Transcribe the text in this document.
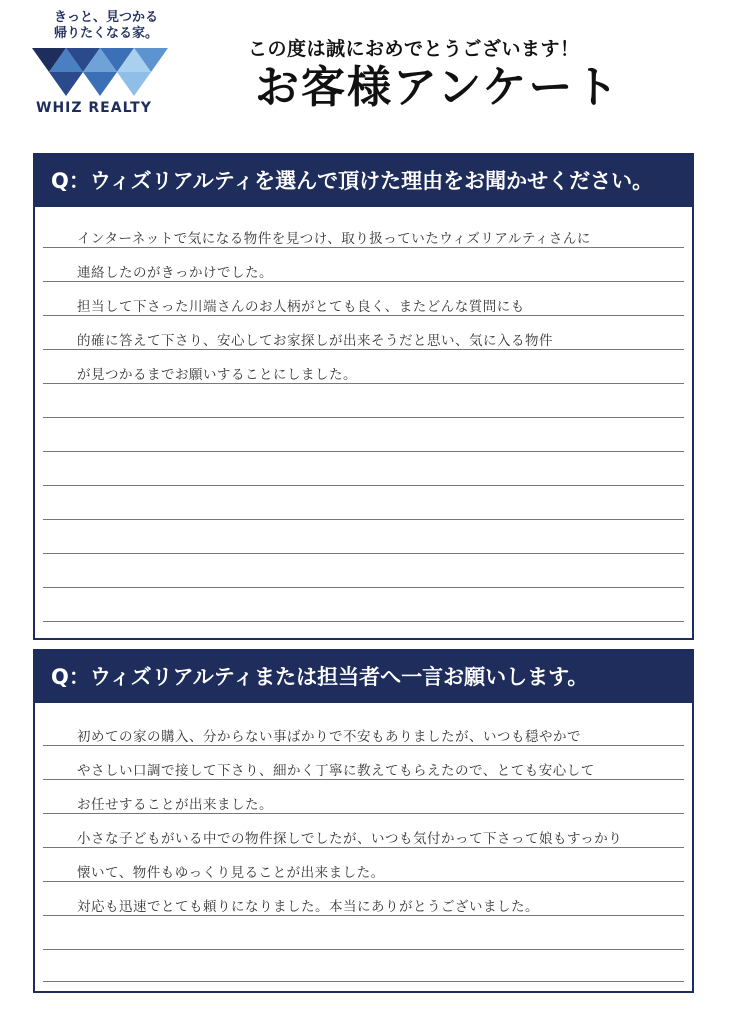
きっと、見つかる
帰りたくなる家。
WHIZ REALTY
この度は誠におめでとうございます！
お客様アンケート
Q：ウィズリアルティを選んで頂けた理由をお聞かせください。
インターネットで気になる物件を見つけ、取り扱っていたウィズリアルティさんに
連絡したのがきっかけでした。
担当して下さった川端さんのお人柄がとても良く、またどんな質問にも
的確に答えて下さり、安心してお家探しが出来そうだと思い、気に入る物件
が見つかるまでお願いすることにしました。
Q：ウィズリアルティまたは担当者へ一言お願いします。
初めての家の購入、分からない事ばかりで不安もありましたが、いつも穏やかで
やさしい口調で接して下さり、細かく丁寧に教えてもらえたので、とても安心して
お任せすることが出来ました。
小さな子どもがいる中での物件探しでしたが、いつも気付かって下さって娘もすっかり
懐いて、物件もゆっくり見ることが出来ました。
対応も迅速でとても頼りになりました。本当にありがとうございました。
